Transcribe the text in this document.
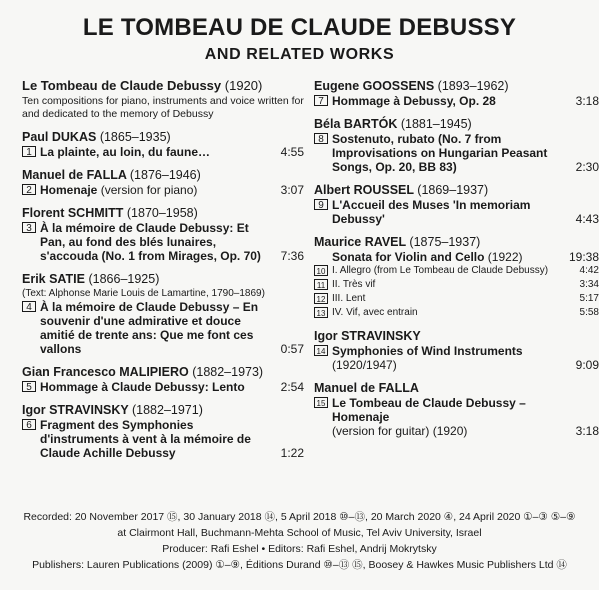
LE TOMBEAU DE CLAUDE DEBUSSY
AND RELATED WORKS
Le Tombeau de Claude Debussy (1920)
Ten compositions for piano, instruments and voice written for and dedicated to the memory of Debussy
Paul DUKAS (1865–1935)
1 La plainte, au loin, du faune…	4:55
Manuel de FALLA (1876–1946)
2 Homenaje (version for piano)	3:07
Florent SCHMITT (1870–1958)
3 À la mémoire de Claude Debussy: Et Pan, au fond des blés lunaires, s'accouda (No. 1 from Mirages, Op. 70)	7:36
Erik SATIE (1866–1925)
(Text: Alphonse Marie Louis de Lamartine, 1790–1869)
4 À la mémoire de Claude Debussy – En souvenir d'une admirative et douce amitié de trente ans: Que me font ces vallons	0:57
Gian Francesco MALIPIERO (1882–1973)
5 Hommage à Claude Debussy: Lento	2:54
Igor STRAVINSKY (1882–1971)
6 Fragment des Symphonies d'instruments à vent à la mémoire de Claude Achille Debussy	1:22
Eugene GOOSSENS (1893–1962)
7 Hommage à Debussy, Op. 28	3:18
Béla BARTÓK (1881–1945)
8 Sostenuto, rubato (No. 7 from Improvisations on Hungarian Peasant Songs, Op. 20, BB 83)	2:30
Albert ROUSSEL (1869–1937)
9 L'Accueil des Muses 'In memoriam Debussy'	4:43
Maurice RAVEL (1875–1937)
Sonata for Violin and Cello (1922)	19:38
10 I. Allegro (from Le Tombeau de Claude Debussy)	4:42
11 II. Très vif	3:34
12 III. Lent	5:17
13 IV. Vif, avec entrain	5:58
Igor STRAVINSKY
14 Symphonies of Wind Instruments
(1920/1947)	9:09
Manuel de FALLA
15 Le Tombeau de Claude Debussy – Homenaje
(version for guitar) (1920)	3:18
Recorded: 20 November 2017 ⑮, 30 January 2018 ⑭, 5 April 2018 ⑩–⑬, 20 March 2020 ④, 24 April 2020 ①–③ ⑤–⑨
at Clairmont Hall, Buchmann-Mehta School of Music, Tel Aviv University, Israel
Producer: Rafi Eshel • Editors: Rafi Eshel, Andrij Mokrytsky
Publishers: Lauren Publications (2009) ①–⑨, Éditions Durand ⑩–⑬ ⑮, Boosey & Hawkes Music Publishers Ltd ⑭
